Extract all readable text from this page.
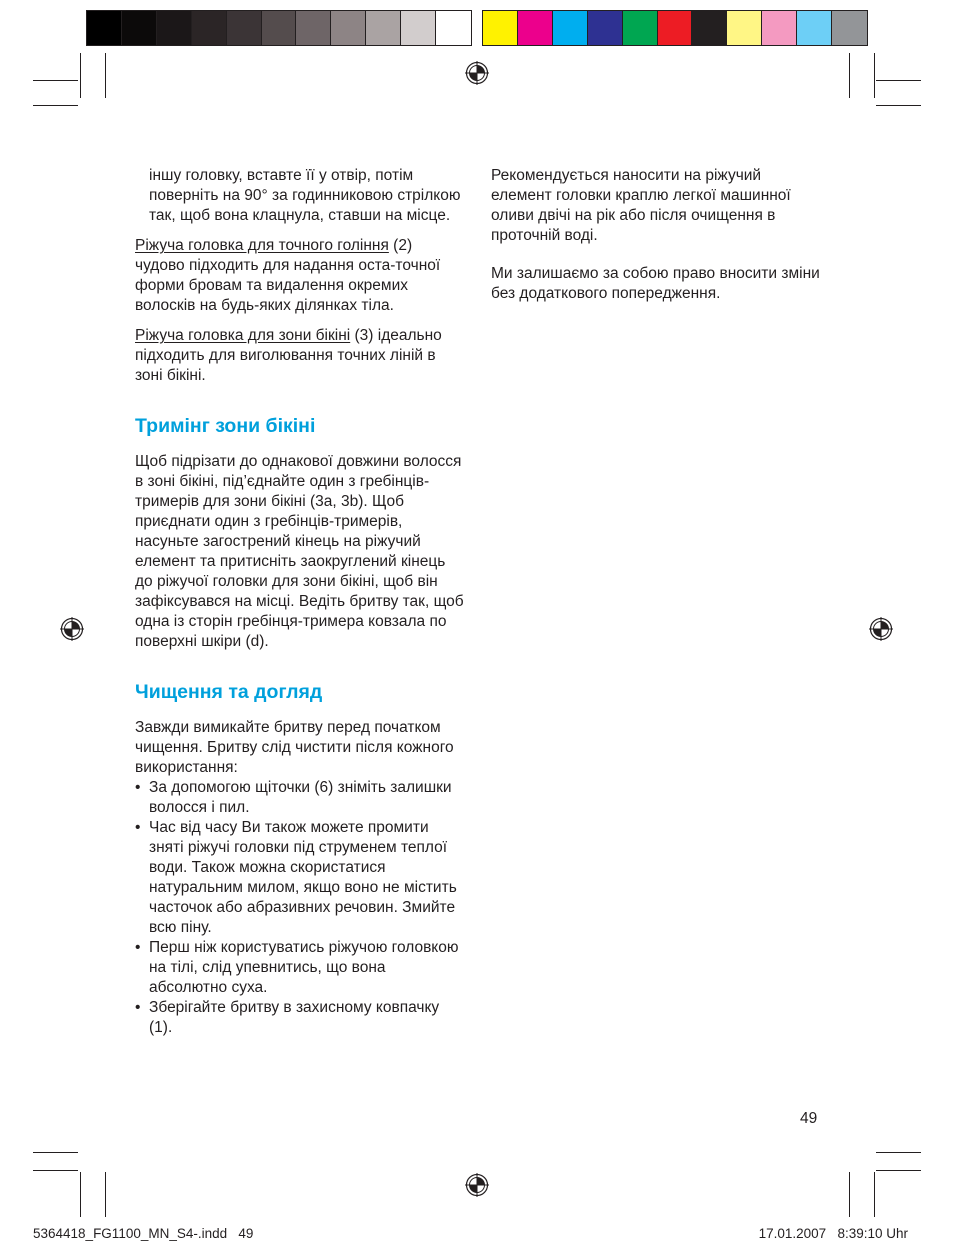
іншу головку, вставте її у отвір, потім поверніть на 90° за годинниковою стрілкою так, щоб вона клацнула, ставши на місце.

Ріжуча головка для точного гоління (2) чудово підходить для надання оста-точної форми бровам та видалення окремих волосків на будь-яких ділянках тіла.

Ріжуча головка для зони бікіні (3) ідеально підходить для виголювання точних ліній в зоні бікіні.

Тримінг зони бікіні

Щоб підрізати до однакової довжини волосся в зоні бікіні, під’єднайте один з гребінців-тримерів для зони бікіні (3a, 3b). Щоб приєднати один з гребінців-тримерів, насуньте загострений кінець на ріжучий елемент та притисніть заокруглений кінець до ріжучої головки для зони бікіні, щоб він зафіксувався на місці. Ведіть бритву так, щоб одна із сторін гребінця-тримера ковзала по поверхні шкіри (d).

Чищення та догляд

Завжди вимикайте бритву перед початком чищення. Бритву слід чистити після кожного використання:

• За допомогою щіточки (6) зніміть залишки волосся і пил.
• Час від часу Ви також можете промити зняті ріжучі головки під струменем теплої води. Також можна скористатися натуральним милом, якщо воно не містить часточок або абразивних речовин. Змийте всю піну.
• Перш ніж користуватись ріжучою головкою на тілі, слід упевнитись, що вона абсолютно суха.
• Зберігайте бритву в захисному ковпачку (1).

Рекомендується наносити на ріжучий елемент головки краплю легкої машинної оливи двічі на рік або після очищення в проточній воді.

Ми залишаємо за собою право вносити зміни без додаткового попередження.

49
5364418_FG1100_MN_S4-.indd   49	17.01.2007   8:39:10 Uhr
